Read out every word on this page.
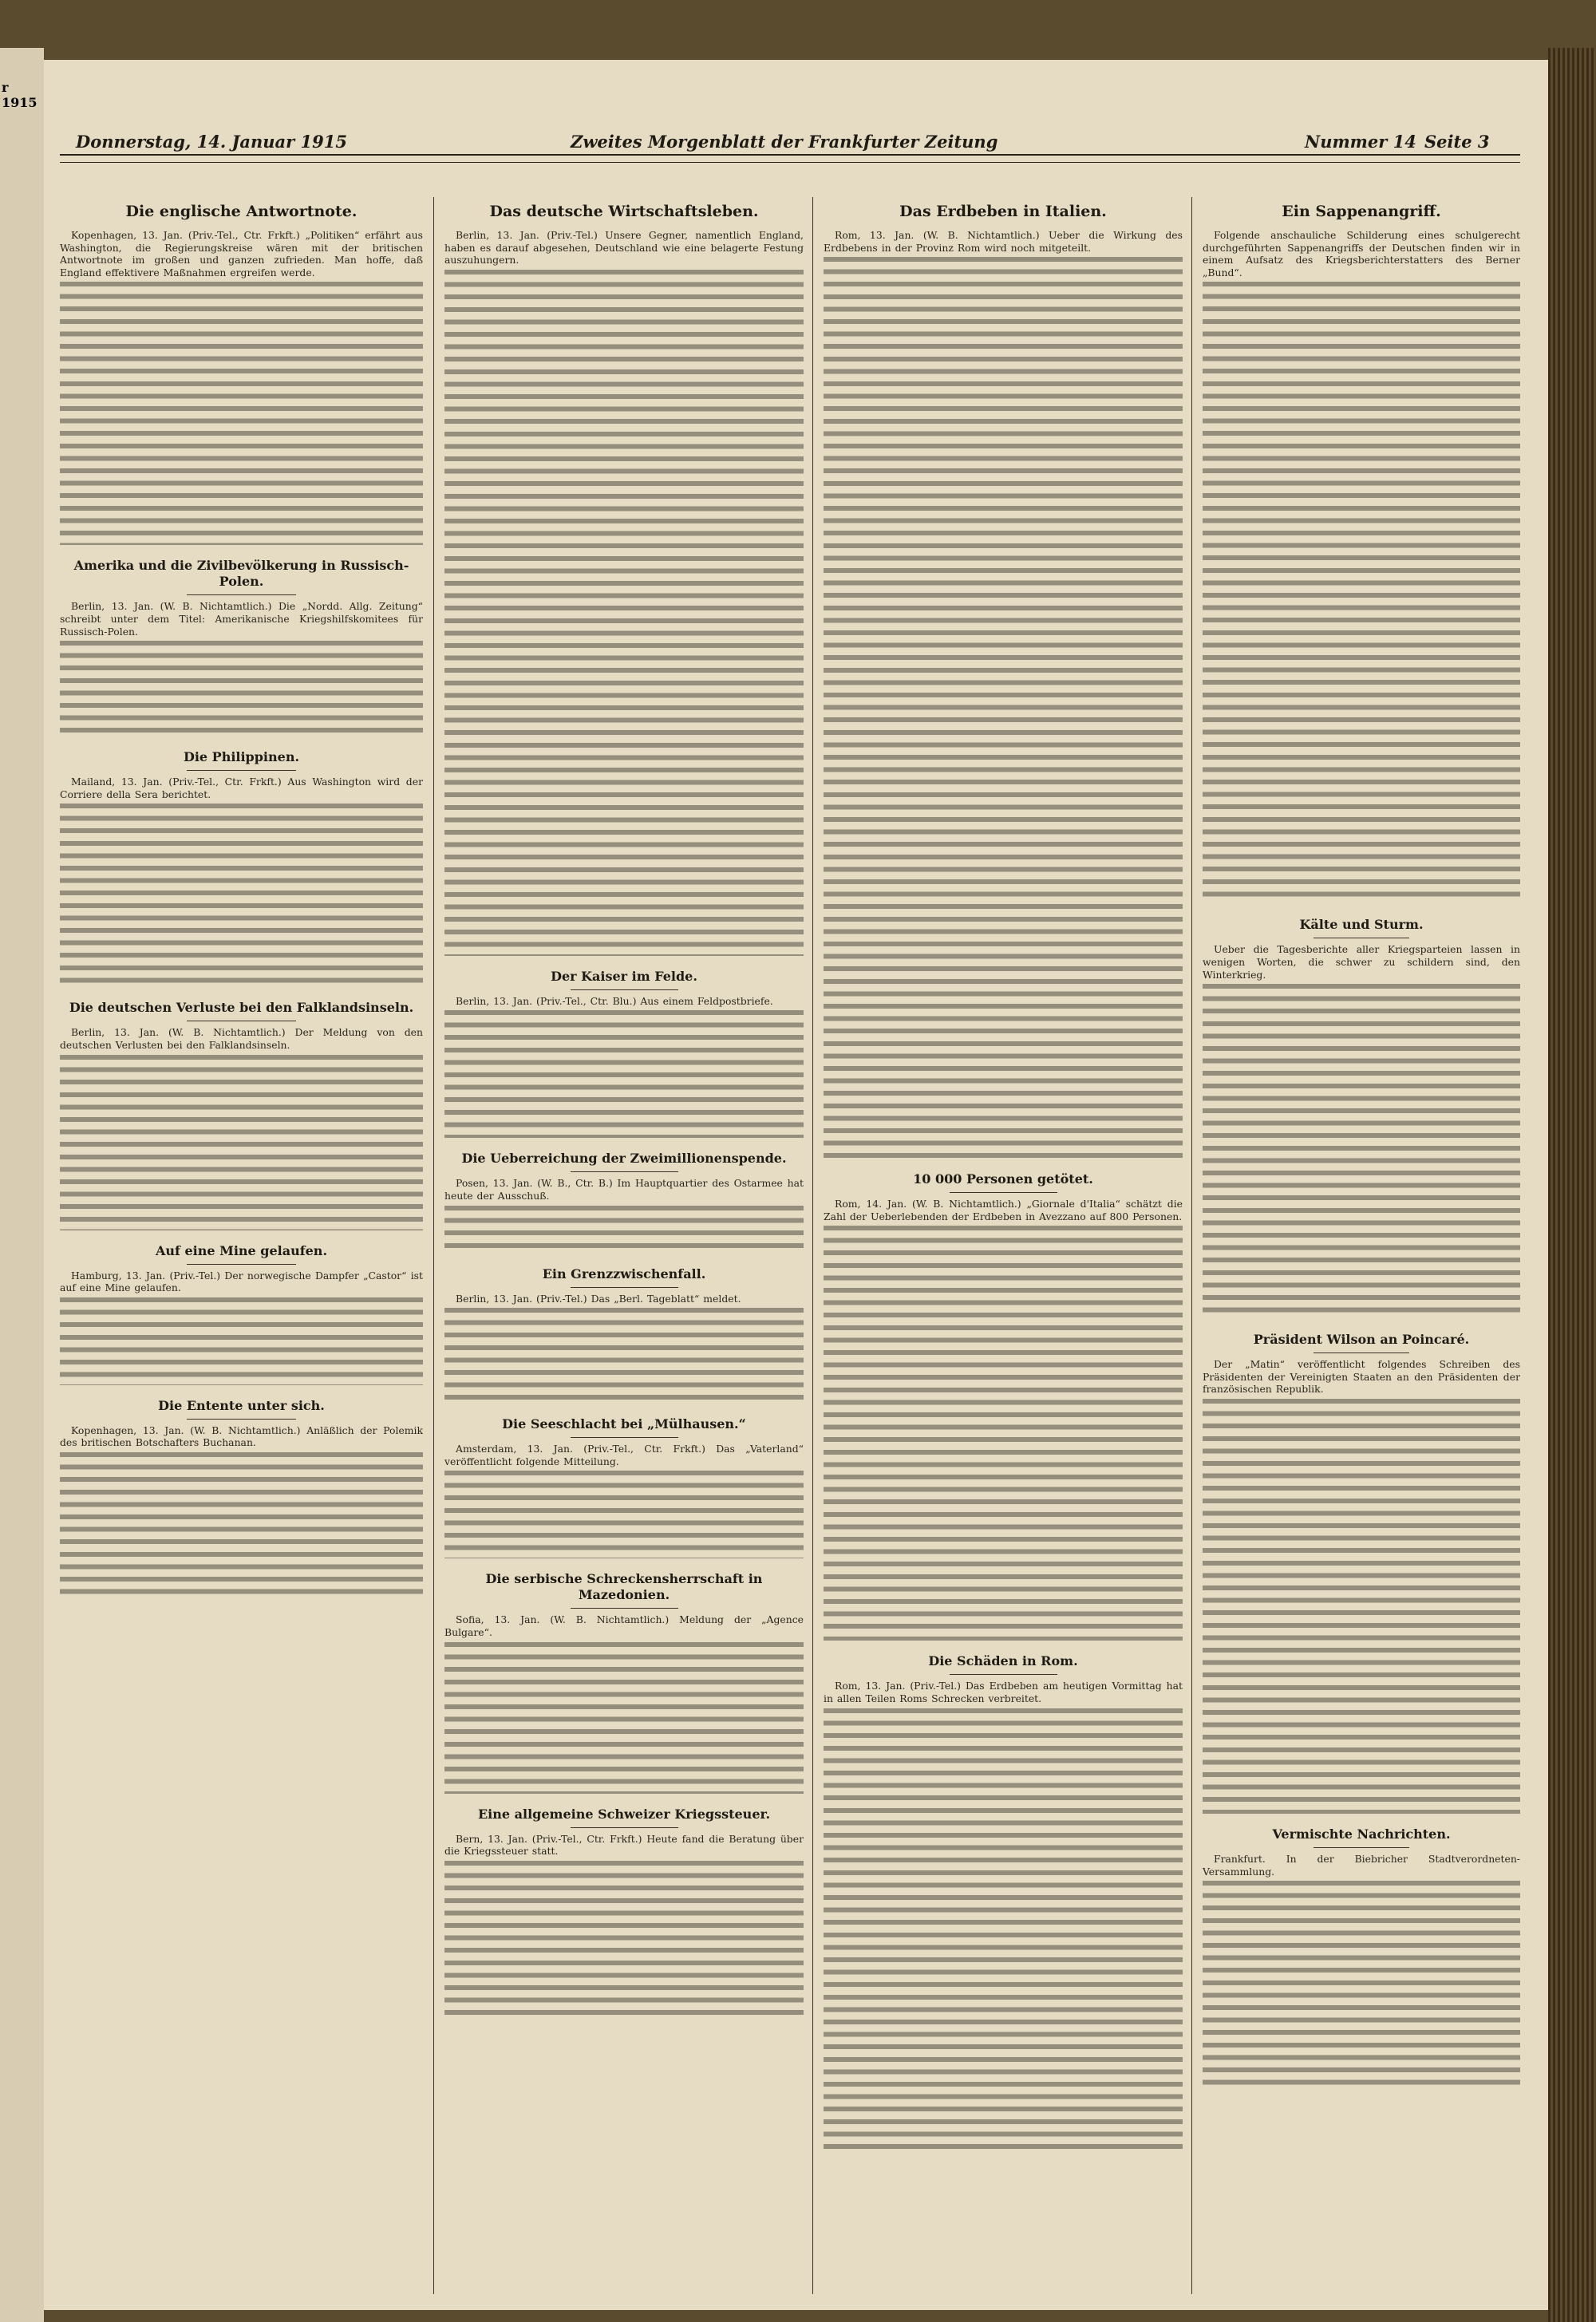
r 1915
Donnerstag, 14. Januar 1915	Zweites Morgenblatt der Frankfurter Zeitung	Nummer 14 Seite 3
Die englische Antwortnote.
Kopenhagen, 13. Jan. (Priv.-Tel., Ctr. Frkft.) „Politiken“ erfährt aus Washington, die Regierungskreise wären mit der britischen Antwortnote im großen und ganzen zufrieden. Man hoffe, daß England effektivere Maßnahmen ergreifen werde.
Amerika und die Zivilbevölkerung in Russisch-Polen.
Berlin, 13. Jan. (W. B. Nichtamtlich.) Die „Nordd. Allg. Zeitung“ schreibt unter dem Titel: Amerikanische Kriegshilfskomitees für Russisch-Polen.
Die Philippinen.
Mailand, 13. Jan. (Priv.-Tel., Ctr. Frkft.) Aus Washington wird der Corriere della Sera berichtet.
Die deutschen Verluste bei den Falklandsinseln.
Berlin, 13. Jan. (W. B. Nichtamtlich.) Der Meldung von den deutschen Verlusten bei den Falklandsinseln.
Auf eine Mine gelaufen.
Hamburg, 13. Jan. (Priv.-Tel.) Der norwegische Dampfer „Castor“ ist auf eine Mine gelaufen.
Die Entente unter sich.
Kopenhagen, 13. Jan. (W. B. Nichtamtlich.) Anläßlich der Polemik des britischen Botschafters Buchanan.
Das deutsche Wirtschaftsleben.
Berlin, 13. Jan. (Priv.-Tel.) Unsere Gegner, namentlich England, haben es darauf abgesehen, Deutschland wie eine belagerte Festung auszuhungern.
Der Kaiser im Felde.
Berlin, 13. Jan. (Priv.-Tel., Ctr. Blu.) Aus einem Feldpostbriefe.
Die Ueberreichung der Zweimillionenspende.
Posen, 13. Jan. (W. B., Ctr. B.) Im Hauptquartier des Ostarmee hat heute der Ausschuß.
Ein Grenzzwischenfall.
Berlin, 13. Jan. (Priv.-Tel.) Das „Berl. Tageblatt“ meldet.
Die Seeschlacht bei „Mülhausen.“
Amsterdam, 13. Jan. (Priv.-Tel., Ctr. Frkft.) Das „Vaterland“ veröffentlicht folgende Mitteilung.
Die serbische Schreckensherrschaft in Mazedonien.
Sofia, 13. Jan. (W. B. Nichtamtlich.) Meldung der „Agence Bulgare“.
Eine allgemeine Schweizer Kriegssteuer.
Bern, 13. Jan. (Priv.-Tel., Ctr. Frkft.) Heute fand die Beratung über die Kriegssteuer statt.
Das Erdbeben in Italien.
Rom, 13. Jan. (W. B. Nichtamtlich.) Ueber die Wirkung des Erdbebens in der Provinz Rom wird noch mitgeteilt.
10 000 Personen getötet.
Rom, 14. Jan. (W. B. Nichtamtlich.) „Giornale d'Italia“ schätzt die Zahl der Ueberlebenden der Erdbeben in Avezzano auf 800 Personen.
Die Schäden in Rom.
Rom, 13. Jan. (Priv.-Tel.) Das Erdbeben am heutigen Vormittag hat in allen Teilen Roms Schrecken verbreitet.
Ein Sappenangriff.
Folgende anschauliche Schilderung eines schulgerecht durchgeführten Sappenangriffs der Deutschen finden wir in einem Aufsatz des Kriegsberichterstatters des Berner „Bund“.
Kälte und Sturm.
Ueber die Tagesberichte aller Kriegsparteien lassen in wenigen Worten, die schwer zu schildern sind, den Winterkrieg.
Präsident Wilson an Poincaré.
Der „Matin“ veröffentlicht folgendes Schreiben des Präsidenten der Vereinigten Staaten an den Präsidenten der französischen Republik.
Vermischte Nachrichten.
Frankfurt. In der Biebricher Stadtverordneten-Versammlung.
